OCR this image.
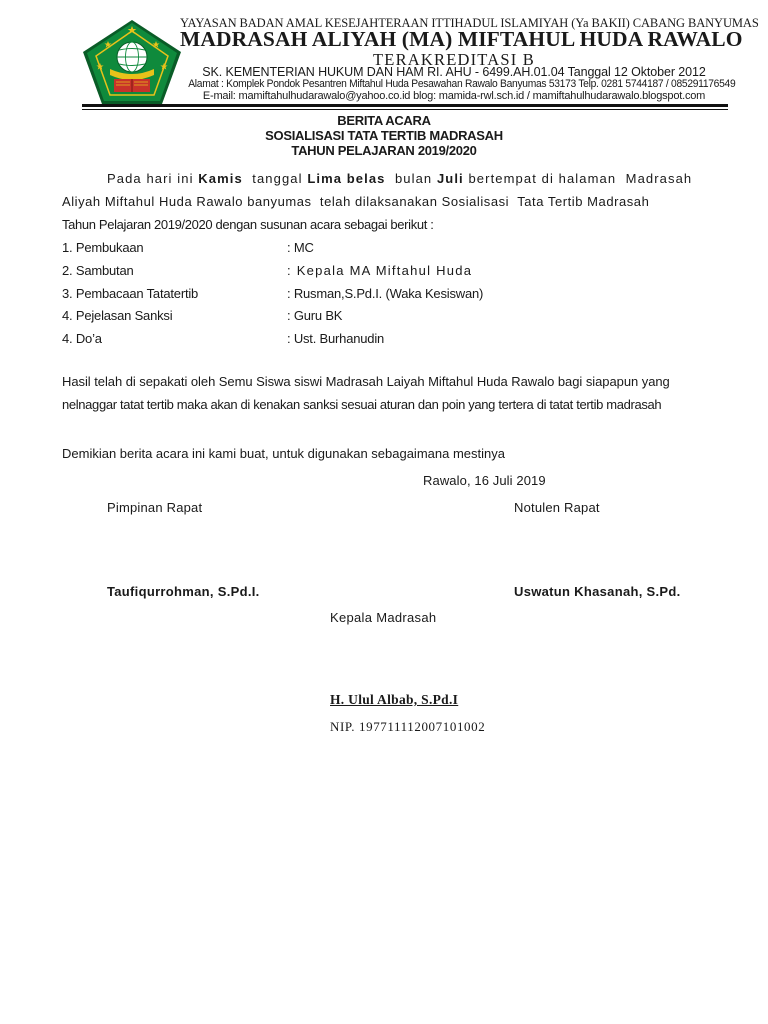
YAYASAN BADAN AMAL KESEJAHTERAAN ITTIHADUL ISLAMIYAH (Ya BAKII) CABANG BANYUMAS
MADRASAH ALIYAH (MA) MIFTAHUL HUDA RAWALO
TERAKREDITASI B
SK. KEMENTERIAN HUKUM DAN HAM RI. AHU - 6499.AH.01.04 Tanggal 12 Oktober 2012
Alamat : Komplek Pondok Pesantren Miftahul Huda Pesawahan Rawalo Banyumas 53173 Telp. 0281 5744187 / 085291176549
E-mail: mamiftahulhudarawalo@yahoo.co.id blog: mamida-rwl.sch.id / mamiftahulhudarawalo.blogspot.com
BERITA ACARA
SOSIALISASI TATA TERTIB MADRASAH
TAHUN PELAJARAN 2019/2020
Pada hari ini Kamis  tanggal Lima belas  bulan Juli bertempat di halaman  Madrasah
Aliyah Miftahul Huda Rawalo banyumas  telah dilaksanakan Sosialisasi  Tata Tertib Madrasah
Tahun Pelajaran 2019/2020 dengan susunan acara sebagai berikut :
1. Pembukaan	: MC
2. Sambutan	: Kepala MA Miftahul Huda
3. Pembacaan Tatatertib	: Rusman,S.Pd.I. (Waka Kesiswan)
4. Pejelasan Sanksi	: Guru BK
4. Do’a	: Ust. Burhanudin
Hasil telah di sepakati oleh Semu Siswa siswi Madrasah Laiyah Miftahul Huda Rawalo bagi siapapun yang
nelnaggar tatat tertib maka akan di kenakan sanksi sesuai aturan dan poin yang tertera di tatat tertib madrasah
Demikian berita acara ini kami buat, untuk digunakan sebagaimana mestinya
Rawalo, 16 Juli 2019
Pimpinan Rapat	Notulen Rapat
Taufiqurrohman, S.Pd.I.	Uswatun Khasanah, S.Pd.
Kepala Madrasah
H. Ulul Albab, S.Pd.I
NIP. 197711112007101002
